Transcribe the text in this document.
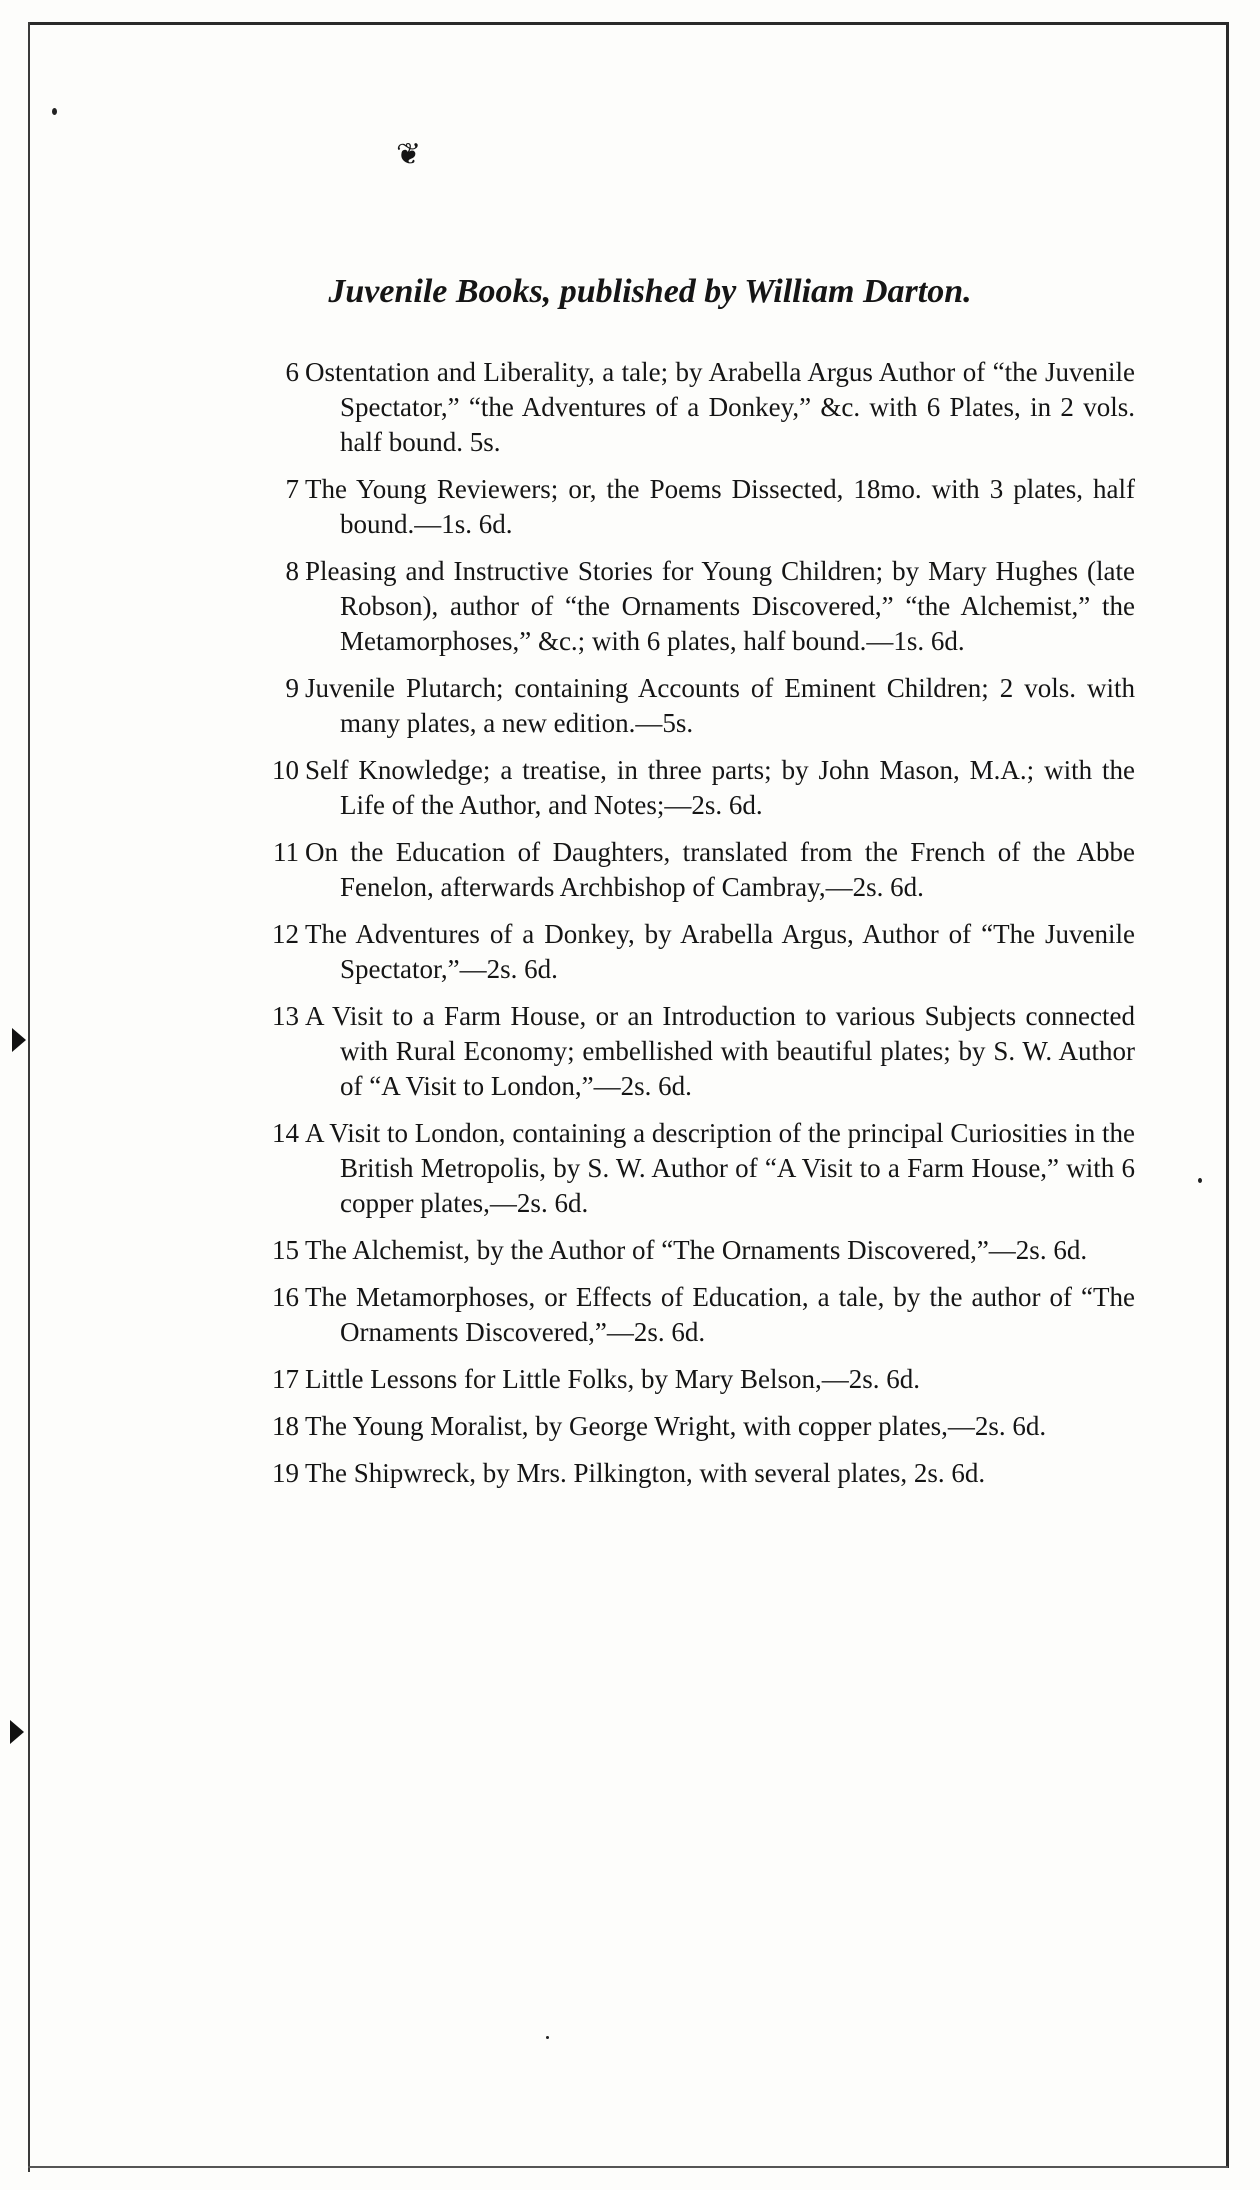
❦
Juvenile Books, published by William Darton.
6 Ostentation and Liberality, a tale; by Arabella Argus Author of “the Juvenile Spectator,” “the Adventures of a Donkey,” &c. with 6 Plates, in 2 vols. half bound. 5s.
7 The Young Reviewers; or, the Poems Dissected, 18mo. with 3 plates, half bound.—1s. 6d.
8 Pleasing and Instructive Stories for Young Children; by Mary Hughes (late Robson), author of “the Ornaments Discovered,” “the Alchemist,” the Metamorphoses,” &c.; with 6 plates, half bound.—1s. 6d.
9 Juvenile Plutarch; containing Accounts of Eminent Children; 2 vols. with many plates, a new edition.—5s.
10 Self Knowledge; a treatise, in three parts; by John Mason, M.A.; with the Life of the Author, and Notes;—2s. 6d.
11 On the Education of Daughters, translated from the French of the Abbe Fenelon, afterwards Archbishop of Cambray,—2s. 6d.
12 The Adventures of a Donkey, by Arabella Argus, Author of “The Juvenile Spectator,”—2s. 6d.
13 A Visit to a Farm House, or an Introduction to various Subjects connected with Rural Economy; embellished with beautiful plates; by S. W. Author of “A Visit to London,”—2s. 6d.
14 A Visit to London, containing a description of the principal Curiosities in the British Metropolis, by S. W. Author of “A Visit to a Farm House,” with 6 copper plates,—2s. 6d.
15 The Alchemist, by the Author of “The Ornaments Discovered,”—2s. 6d.
16 The Metamorphoses, or Effects of Education, a tale, by the author of “The Ornaments Discovered,”—2s. 6d.
17 Little Lessons for Little Folks, by Mary Belson,—2s. 6d.
18 The Young Moralist, by George Wright, with copper plates,—2s. 6d.
19 The Shipwreck, by Mrs. Pilkington, with several plates, 2s. 6d.
